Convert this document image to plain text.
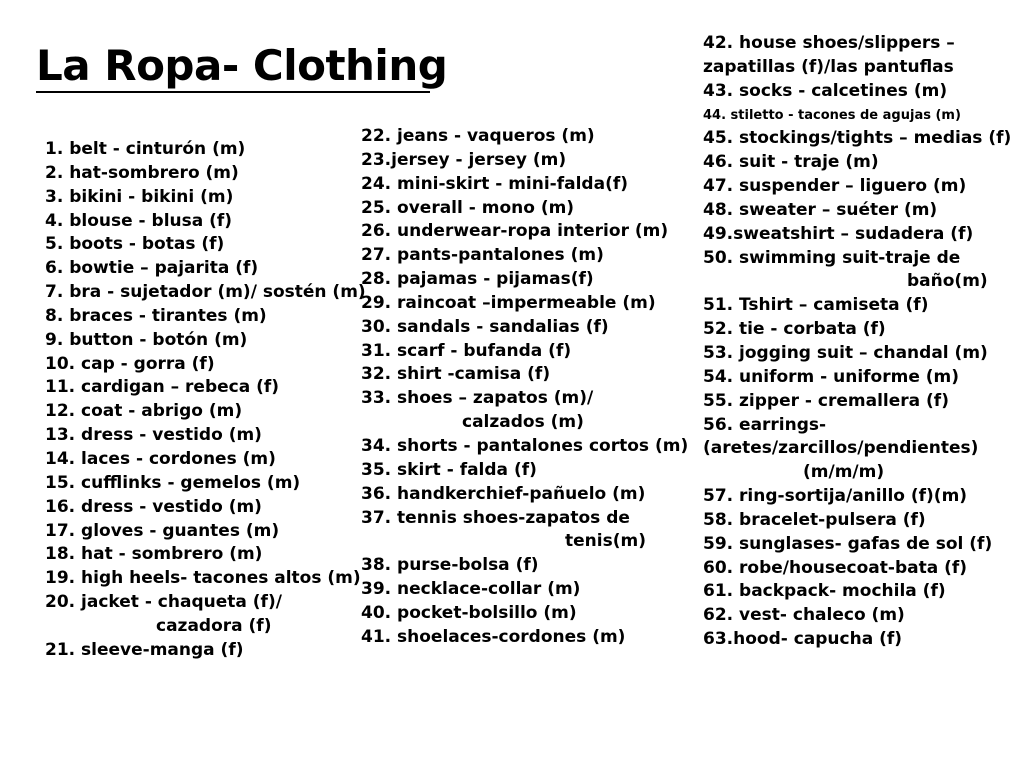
La Ropa- Clothing
1. belt - cinturón (m)
2. hat-sombrero (m)
3. bikini - bikini (m)
4. blouse - blusa (f)
5. boots - botas (f)
6. bowtie – pajarita (f)
7. bra - sujetador (m)/ sostén (m)
8. braces - tirantes (m)
9. button - botón (m)
10. cap - gorra (f)
11. cardigan – rebeca (f)
12. coat - abrigo (m)
13. dress - vestido (m)
14. laces - cordones (m)
15. cufflinks - gemelos (m)
16. dress - vestido (m)
17. gloves - guantes (m)
18. hat - sombrero (m)
19. high heels- tacones altos (m)
20. jacket - chaqueta (f)/
cazadora (f)
21. sleeve-manga (f)
22. jeans - vaqueros (m)
23.jersey - jersey (m)
24. mini-skirt - mini-falda(f)
25. overall - mono (m)
26. underwear-ropa interior (m)
27. pants-pantalones (m)
28. pajamas - pijamas(f)
29. raincoat –impermeable (m)
30. sandals - sandalias (f)
31. scarf - bufanda (f)
32. shirt -camisa (f)
33. shoes – zapatos (m)/
calzados (m)
34. shorts - pantalones cortos (m)
35. skirt - falda (f)
36. handkerchief-pañuelo (m)
37. tennis shoes-zapatos de
tenis(m)
38. purse-bolsa (f)
39. necklace-collar (m)
40. pocket-bolsillo (m)
41. shoelaces-cordones (m)
42. house shoes/slippers –
zapatillas (f)/las pantuflas
43. socks - calcetines (m)
44. stiletto - tacones de agujas (m)
45. stockings/tights – medias (f)
46. suit - traje (m)
47. suspender – liguero (m)
48. sweater – suéter (m)
49.sweatshirt – sudadera (f)
50. swimming suit-traje de
baño(m)
51. Tshirt – camiseta (f)
52. tie - corbata (f)
53. jogging suit – chandal (m)
54. uniform - uniforme (m)
55. zipper - cremallera (f)
56. earrings-
(aretes/zarcillos/pendientes)
(m/m/m)
57. ring-sortija/anillo (f)(m)
58. bracelet-pulsera (f)
59. sunglases- gafas de sol (f)
60. robe/housecoat-bata (f)
61. backpack- mochila (f)
62. vest- chaleco (m)
63.hood- capucha (f)
